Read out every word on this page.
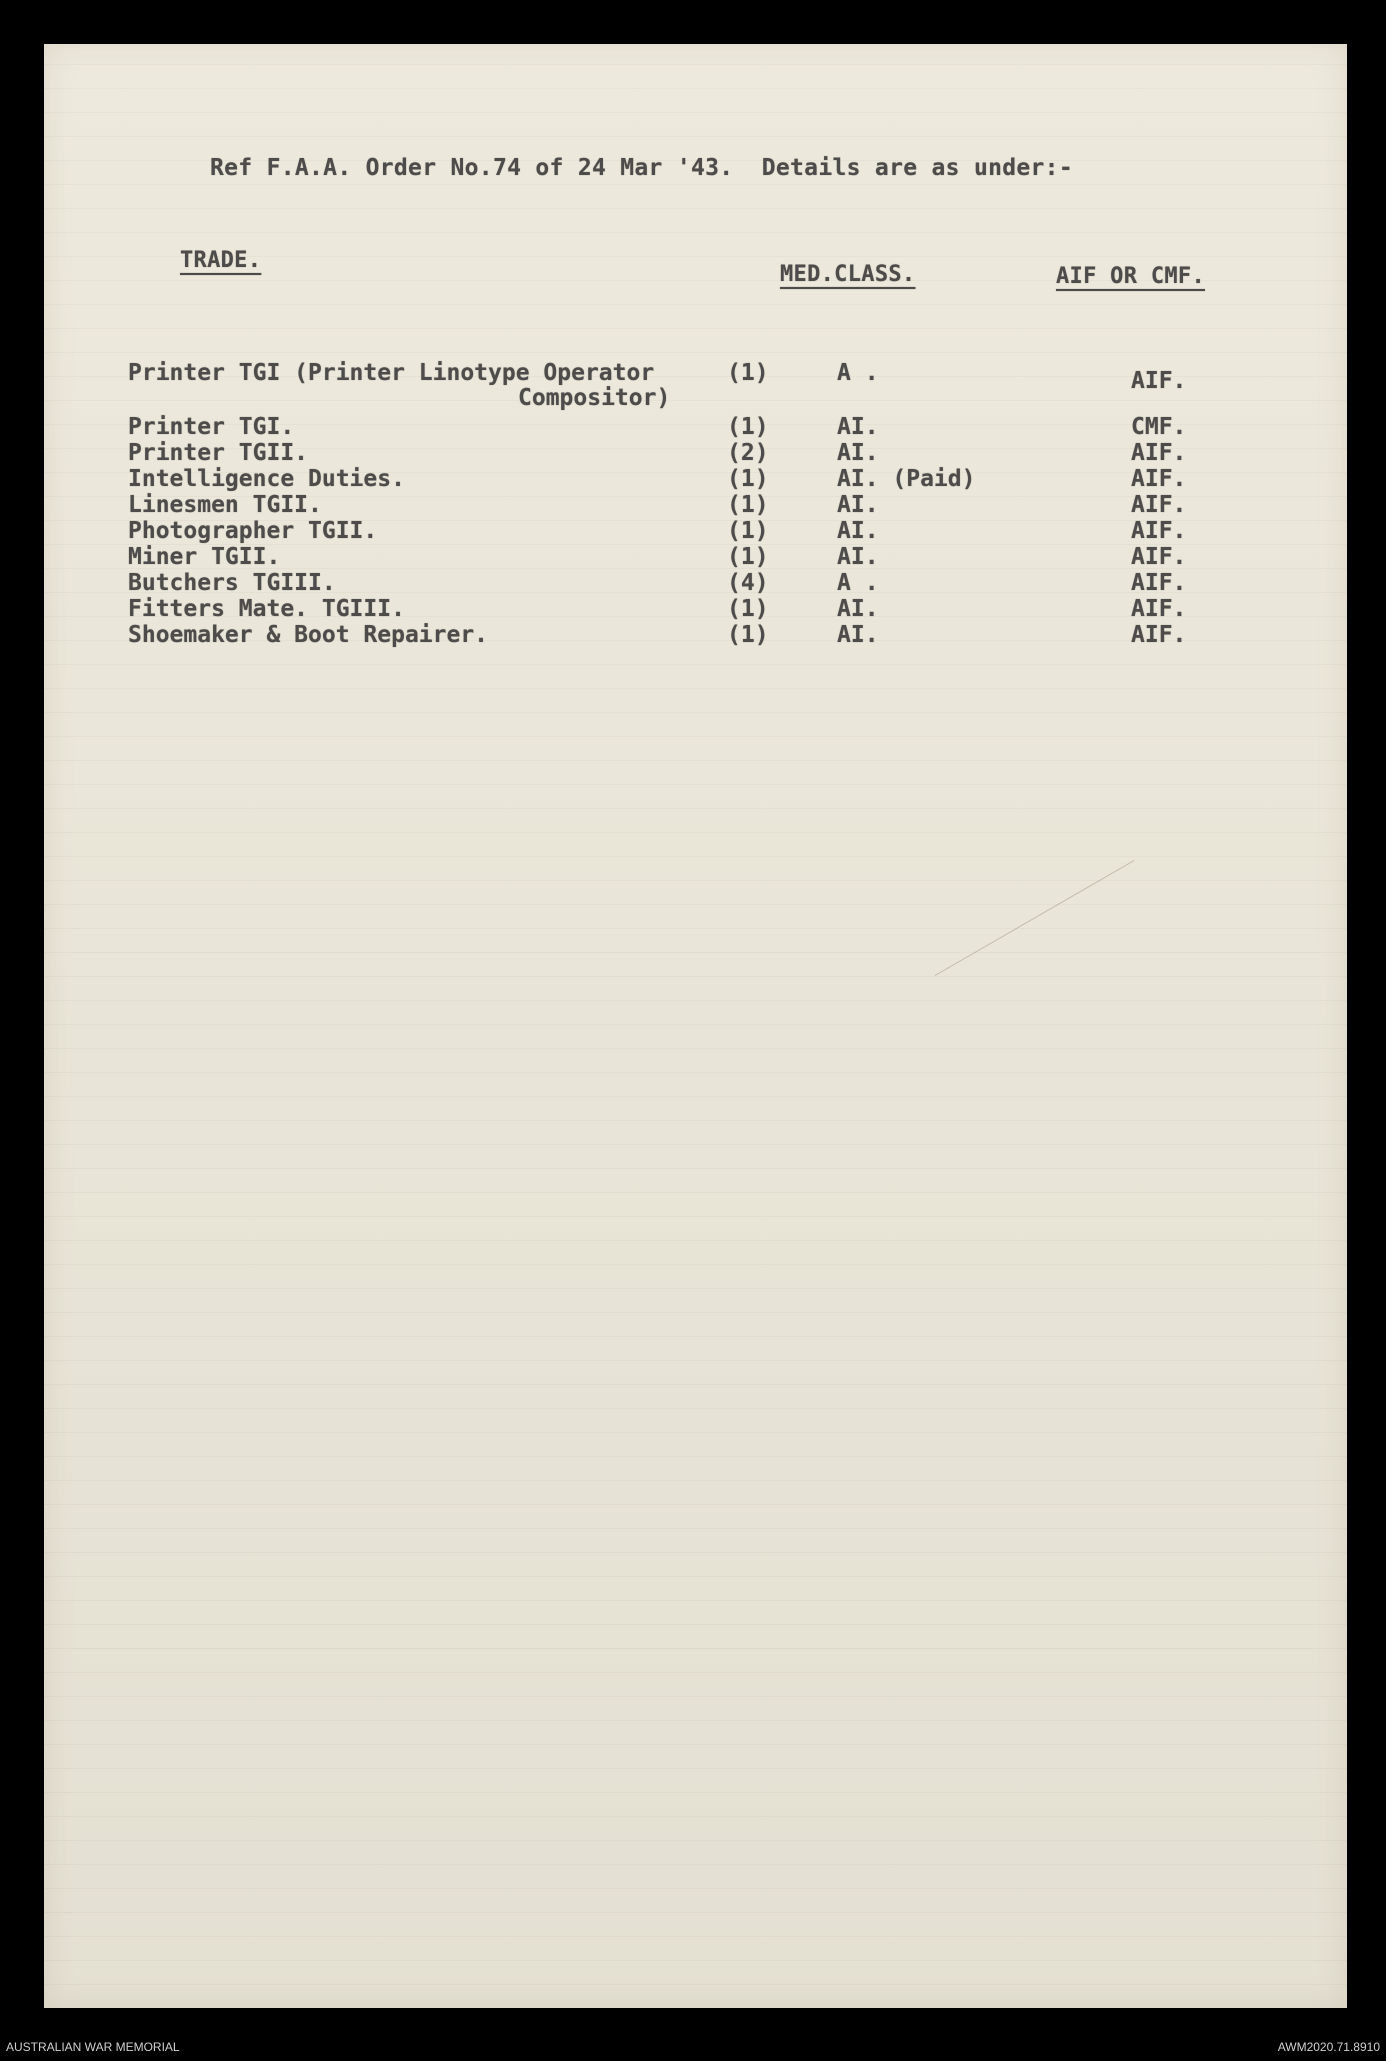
Ref F.A.A. Order No.74 of 24 Mar '43.  Details are as under:-
TRADE.
MED.CLASS.	AIF OR CMF.
Printer TGI (Printer Linotype Operator	(1)	A .	AIF.
Compositor)
Printer TGI.	(1)	AI.	CMF.
Printer TGII.	(2)	AI.	AIF.
Intelligence Duties.	(1)	AI. (Paid)	AIF.
Linesmen TGII.	(1)	AI.	AIF.
Photographer TGII.	(1)	AI.	AIF.
Miner TGII.	(1)	AI.	AIF.
Butchers TGIII.	(4)	A .	AIF.
Fitters Mate. TGIII.	(1)	AI.	AIF.
Shoemaker & Boot Repairer.	(1)	AI.	AIF.
AUSTRALIAN WAR MEMORIAL	AWM2020.71.8910
